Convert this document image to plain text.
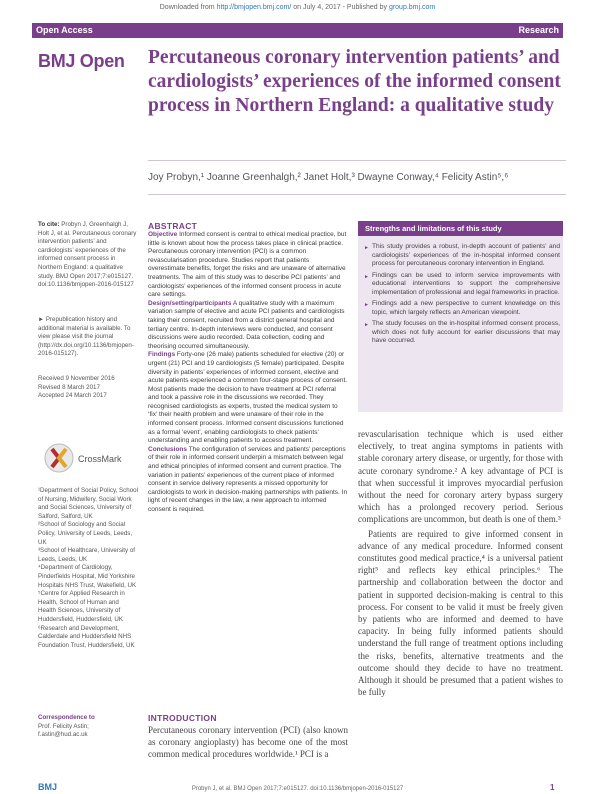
Downloaded from http://bmjopen.bmj.com/ on July 4, 2017 - Published by group.bmj.com
Open Access	Research
BMJ Open Percutaneous coronary intervention patients’ and cardiologists’ experiences of the informed consent process in Northern England: a qualitative study
Joy Probyn,¹ Joanne Greenhalgh,² Janet Holt,³ Dwayne Conway,⁴ Felicity Astin⁵,⁶
To cite: Probyn J, Greenhalgh J, Holt J, et al. Percutaneous coronary intervention patients’ and cardiologists’ experiences of the informed consent process in Northern England: a qualitative study. BMJ Open 2017;7:e015127. doi:10.1136/bmjopen-2016-015127
► Prepublication history and additional material is available. To view please visit the journal (http://dx.doi.org/10.1136/bmjopen-2016-015127).
Received 9 November 2016
Revised 8 March 2017
Accepted 24 March 2017
CrossMark
¹Department of Social Policy, School of Nursing, Midwifery, Social Work and Social Sciences, University of Salford, Salford, UK
²School of Sociology and Social Policy, University of Leeds, Leeds, UK
³School of Healthcare, University of Leeds, Leeds, UK
⁴Department of Cardiology, Pinderfields Hospital, Mid Yorkshire Hospitals NHS Trust, Wakefield, UK
⁵Centre for Applied Research in Health, School of Human and Health Sciences, University of Huddersfield, Huddersfield, UK
⁶Research and Development, Calderdale and Huddersfield NHS Foundation Trust, Huddersfield, UK
Correspondence to
Prof. Felicity Astin; f.astin@hud.ac.uk
ABSTRACT

Objective Informed consent is central to ethical medical practice, but little is known about how the process takes place in clinical practice. Percutaneous coronary intervention (PCI) is a common revascularisation procedure. Studies report that patients overestimate benefits, forget the risks and are unaware of alternative treatments. The aim of this study was to describe PCI patients’ and cardiologists’ experiences of the informed consent process in acute care settings.

Design/setting/participants A qualitative study with a maximum variation sample of elective and acute PCI patients and cardiologists taking their consent, recruited from a district general hospital and tertiary centre. In-depth interviews were conducted, and consent discussions were audio recorded. Data collection, coding and theorising occurred simultaneously.

Findings Forty-one (26 male) patients scheduled for elective (20) or urgent (21) PCI and 19 cardiologists (5 female) participated. Despite diversity in patients’ experiences of informed consent, elective and acute patients experienced a common four-stage process of consent. Most patients made the decision to have treatment at PCI referral and took a passive role in the discussions we recorded. They recognised cardiologists as experts, trusted the medical system to ‘fix’ their health problem and were unaware of their role in the informed consent process. Informed consent discussions functioned as a formal ‘event’, enabling cardiologists to check patients’ understanding and enabling patients to access treatment.

Conclusions The configuration of services and patients’ perceptions of their role in informed consent underpin a mismatch between legal and ethical principles of informed consent and current practice. The variation in patients’ experiences of the current place of informed consent in service delivery represents a missed opportunity for cardiologists to work in decision-making partnerships with patients. In light of recent changes in the law, a new approach to informed consent is required.

Strengths and limitations of this study
► This study provides a robust, in-depth account of patients’ and cardiologists’ experiences of the in-hospital informed consent process for percutaneous coronary intervention in England.
► Findings can be used to inform service improvements with educational interventions to support the comprehensive implementation of professional and legal frameworks in practice.
► Findings add a new perspective to current knowledge on this topic, which largely reflects an American viewpoint.
► The study focuses on the in-hospital informed consent process, which does not fully account for earlier discussions that may have occurred.
revascularisation technique which is used either electively, to treat angina symptoms in patients with stable coronary artery disease, or urgently, for those with acute coronary syndrome.² A key advantage of PCI is that when successful it improves myocardial perfusion without the need for coronary artery bypass surgery which has a prolonged recovery period. Serious complications are uncommon, but death is one of them.³
Patients are required to give informed consent in advance of any medical procedure. Informed consent constitutes good medical practice,⁴ is a universal patient right⁵ and reflects key ethical principles.⁶ The partnership and collaboration between the doctor and patient in supported decision-making is central to this process. For consent to be valid it must be freely given by patients who are informed and deemed to have capacity. In being fully informed patients should understand the full range of treatment options including the risks, benefits, alternative treatments and the outcome should they decide to have no treatment. Although it should be presumed that a patient wishes to be fully
INTRODUCTION
Percutaneous coronary intervention (PCI) (also known as coronary angioplasty) has become one of the most common medical procedures worldwide.¹ PCI is a
BMJ	Probyn J, et al. BMJ Open 2017;7:e015127. doi:10.1136/bmjopen-2016-015127	1
